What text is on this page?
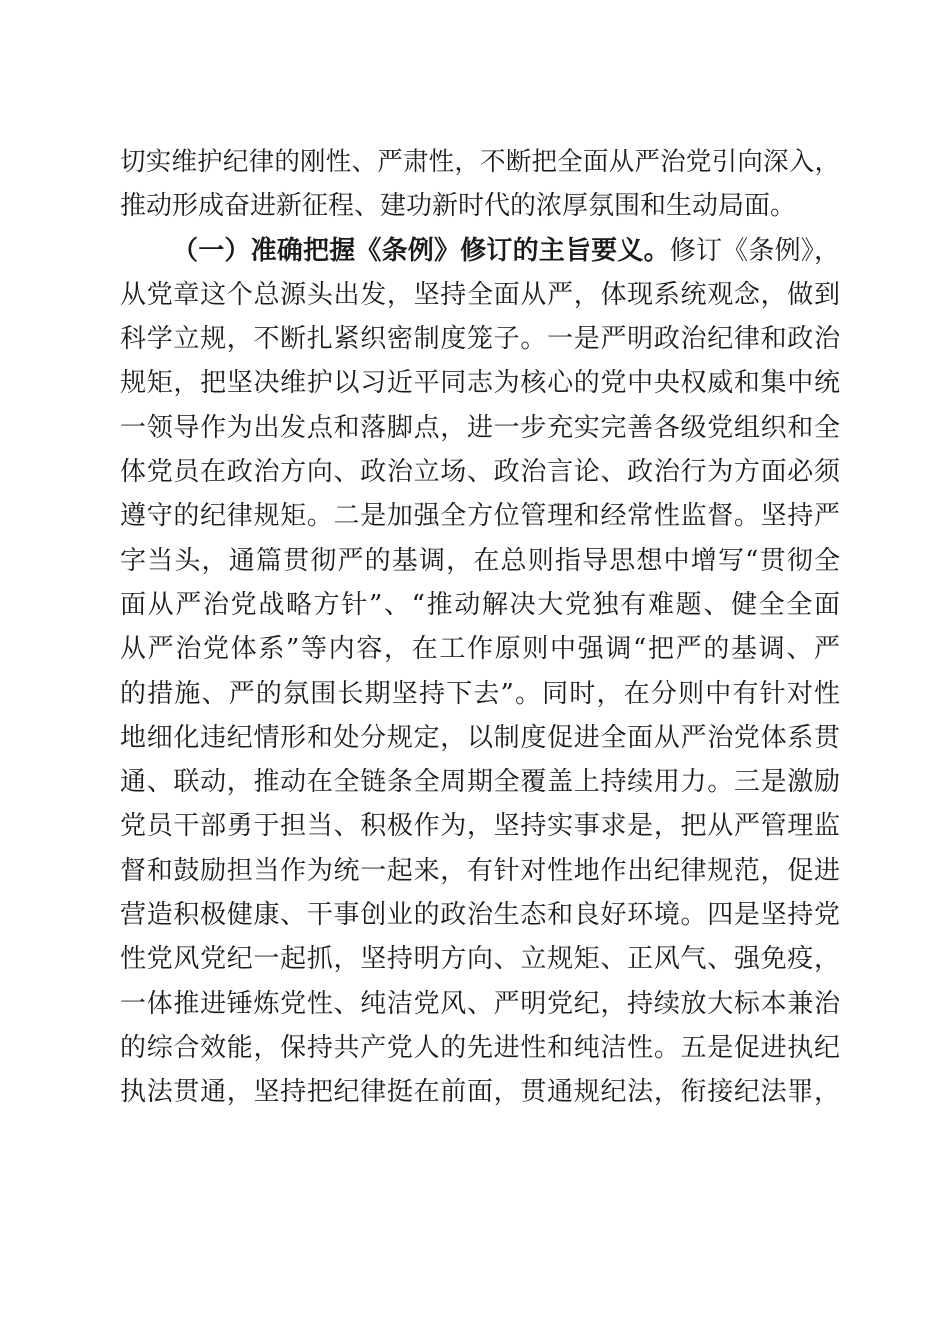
切实维护纪律的刚性、严肃性，不断把全面从严治党引向深入，
推动形成奋进新征程、建功新时代的浓厚氛围和生动局面。
（一）准确把握《条例》修订的主旨要义。修订《条例》，
从党章这个总源头出发，坚持全面从严，体现系统观念，做到
科学立规，不断扎紧织密制度笼子。一是严明政治纪律和政治
规矩，把坚决维护以习近平同志为核心的党中央权威和集中统
一领导作为出发点和落脚点，进一步充实完善各级党组织和全
体党员在政治方向、政治立场、政治言论、政治行为方面必须
遵守的纪律规矩。二是加强全方位管理和经常性监督。坚持严
字当头，通篇贯彻严的基调，在总则指导思想中增写“贯彻全
面从严治党战略方针”、“推动解决大党独有难题、健全全面
从严治党体系”等内容，在工作原则中强调“把严的基调、严
的措施、严的氛围长期坚持下去”。同时，在分则中有针对性
地细化违纪情形和处分规定，以制度促进全面从严治党体系贯
通、联动，推动在全链条全周期全覆盖上持续用力。三是激励
党员干部勇于担当、积极作为，坚持实事求是，把从严管理监
督和鼓励担当作为统一起来，有针对性地作出纪律规范，促进
营造积极健康、干事创业的政治生态和良好环境。四是坚持党
性党风党纪一起抓，坚持明方向、立规矩、正风气、强免疫，
一体推进锤炼党性、纯洁党风、严明党纪，持续放大标本兼治
的综合效能，保持共产党人的先进性和纯洁性。五是促进执纪
执法贯通，坚持把纪律挺在前面，贯通规纪法，衔接纪法罪，
